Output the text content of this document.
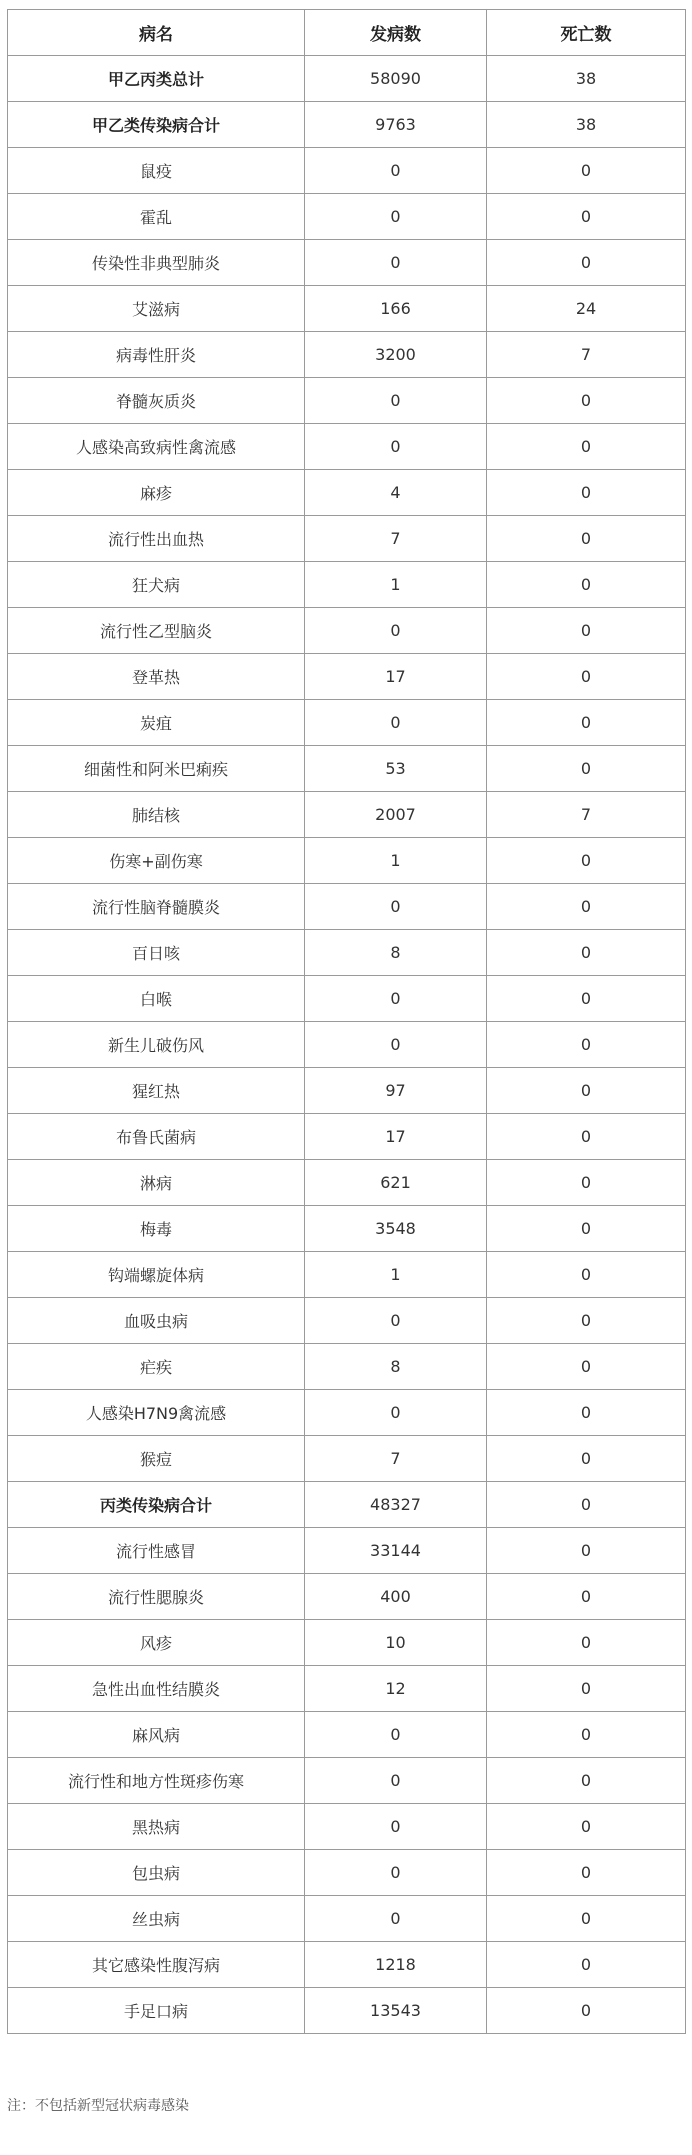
病名	发病数	死亡数
甲乙丙类总计	58090	38
甲乙类传染病合计	9763	38
鼠疫	0	0
霍乱	0	0
传染性非典型肺炎	0	0
艾滋病	166	24
病毒性肝炎	3200	7
脊髓灰质炎	0	0
人感染高致病性禽流感	0	0
麻疹	4	0
流行性出血热	7	0
狂犬病	1	0
流行性乙型脑炎	0	0
登革热	17	0
炭疽	0	0
细菌性和阿米巴痢疾	53	0
肺结核	2007	7
伤寒+副伤寒	1	0
流行性脑脊髓膜炎	0	0
百日咳	8	0
白喉	0	0
新生儿破伤风	0	0
猩红热	97	0
布鲁氏菌病	17	0
淋病	621	0
梅毒	3548	0
钩端螺旋体病	1	0
血吸虫病	0	0
疟疾	8	0
人感染H7N9禽流感	0	0
猴痘	7	0
丙类传染病合计	48327	0
流行性感冒	33144	0
流行性腮腺炎	400	0
风疹	10	0
急性出血性结膜炎	12	0
麻风病	0	0
流行性和地方性斑疹伤寒	0	0
黑热病	0	0
包虫病	0	0
丝虫病	0	0
其它感染性腹泻病	1218	0
手足口病	13543	0
注：不包括新型冠状病毒感染
